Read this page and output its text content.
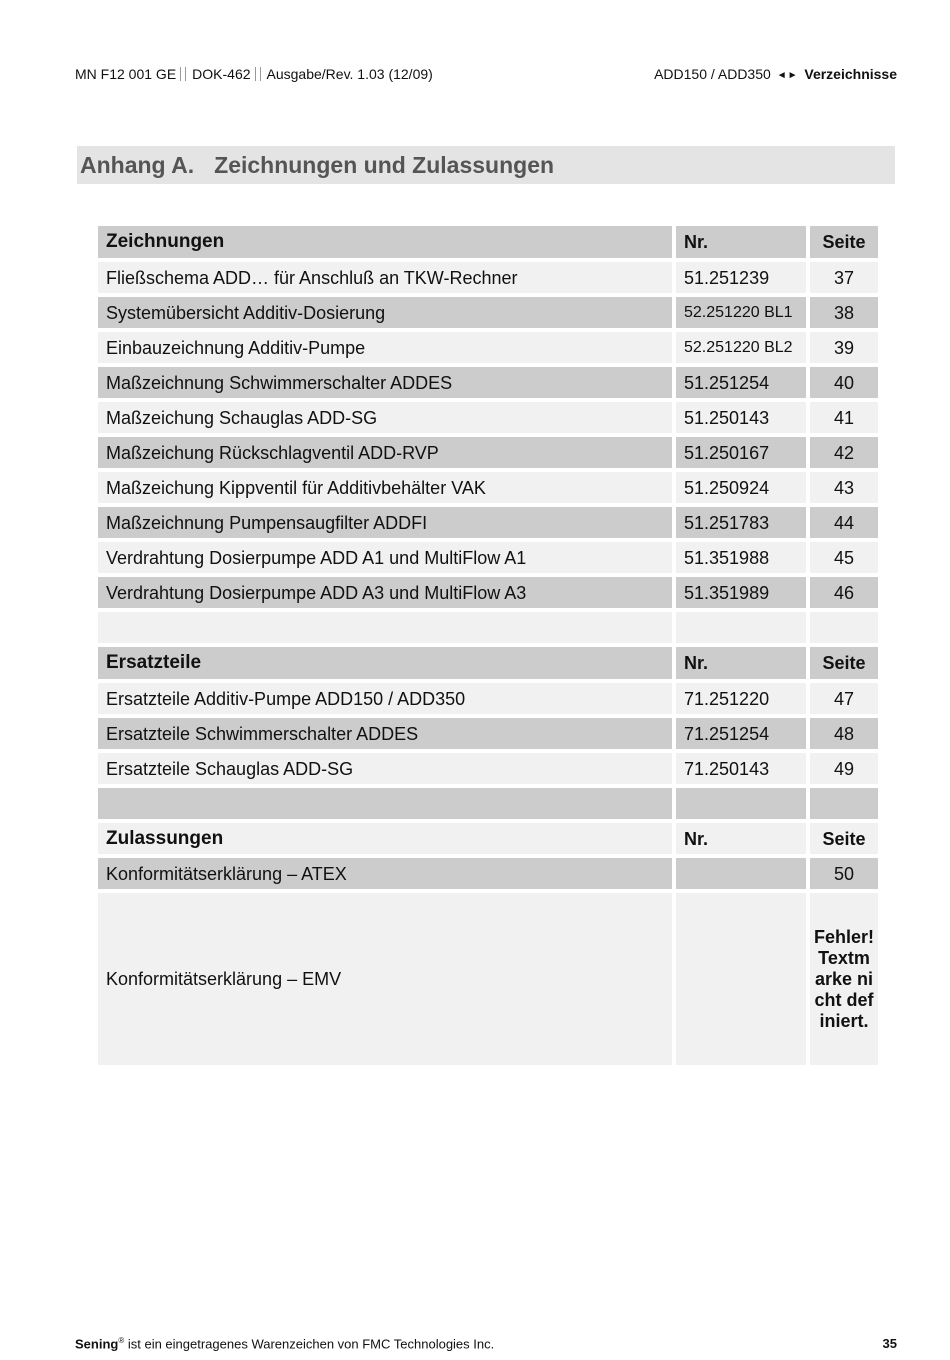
MN F12 001 GE DOK-462 Ausgabe/Rev. 1.03 (12/09)	ADD150 / ADD350 ◄► Verzeichnisse
Anhang A. Zeichnungen und Zulassungen
Zeichnungen	Nr.	Seite
Fließschema ADD… für Anschluß an TKW-Rechner	51.251239	37
Systemübersicht Additiv-Dosierung	52.251220 BL1	38
Einbauzeichnung Additiv-Pumpe	52.251220 BL2	39
Maßzeichnung Schwimmerschalter ADDES	51.251254	40
Maßzeichung Schauglas ADD-SG	51.250143	41
Maßzeichung Rückschlagventil ADD-RVP	51.250167	42
Maßzeichung Kippventil für Additivbehälter VAK	51.250924	43
Maßzeichnung Pumpensaugfilter ADDFI	51.251783	44
Verdrahtung Dosierpumpe ADD A1 und MultiFlow A1	51.351988	45
Verdrahtung Dosierpumpe ADD A3 und MultiFlow A3	51.351989	46

Ersatzteile	Nr.	Seite
Ersatzteile Additiv-Pumpe ADD150 / ADD350	71.251220	47
Ersatzteile Schwimmerschalter ADDES	71.251254	48
Ersatzteile Schauglas ADD-SG	71.250143	49

Zulassungen	Nr.	Seite
Konformitätserklärung – ATEX		50
Konformitätserklärung – EMV		Fehler! Textmarke nicht definiert.
Sening® ist ein eingetragenes Warenzeichen von FMC Technologies Inc.	35
